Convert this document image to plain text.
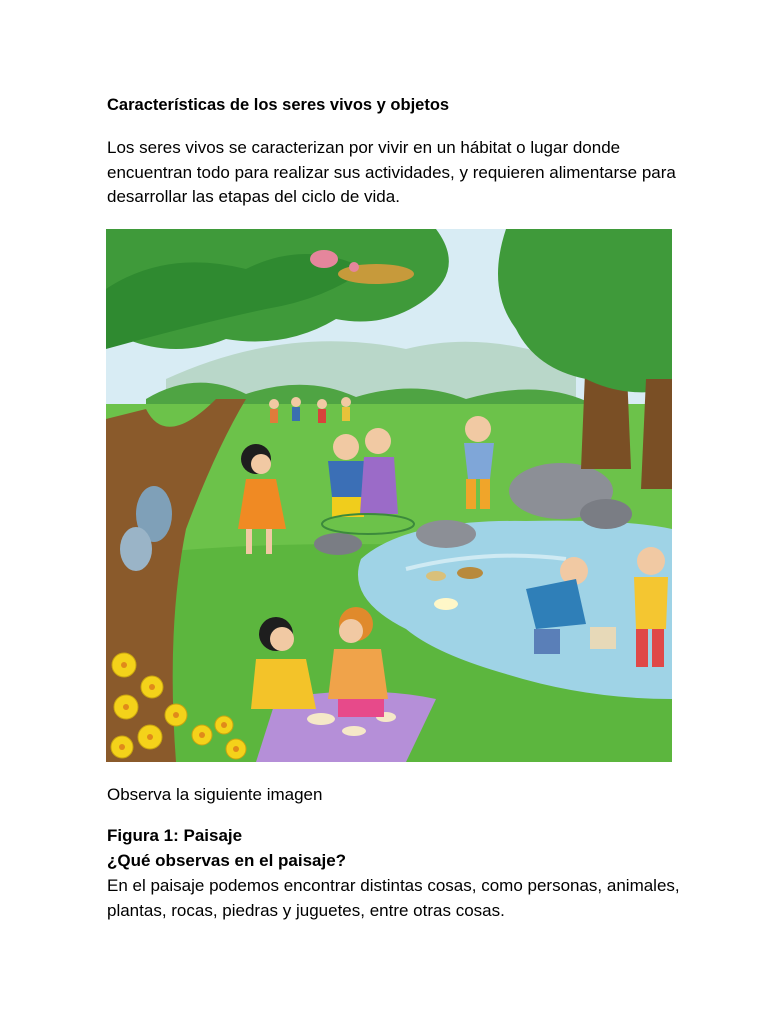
Características de los seres vivos y objetos

Los seres vivos se caracterizan por vivir en un hábitat o lugar donde encuentran todo para realizar sus actividades, y requieren alimentarse para desarrollar las etapas del ciclo de vida.

Observa la siguiente imagen

Figura 1: Paisaje

¿Qué observas en el paisaje?

En el paisaje podemos encontrar distintas cosas, como personas, animales, plantas, rocas, piedras y juguetes, entre otras cosas.
